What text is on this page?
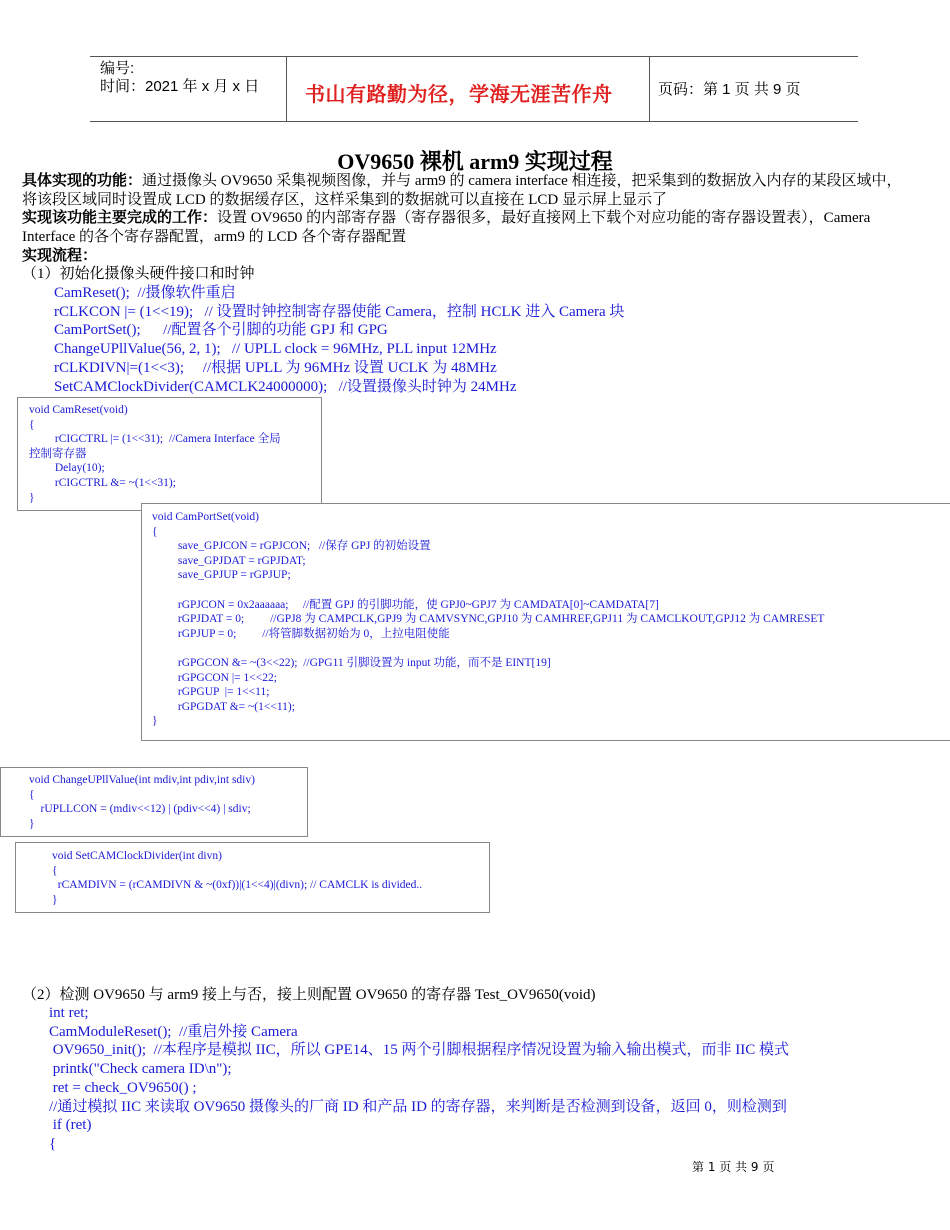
编号:
时间：2021 年 x 月 x 日 书山有路勤为径，学海无涯苦作舟	页码：第 1 页 共 9 页
OV9650 裸机 arm9 实现过程
具体实现的功能：通过摄像头 OV9650 采集视频图像，并与 arm9 的 camera interface 相连接，把采集到的数据放入内存的某段区域中，
将该段区域同时设置成 LCD 的数据缓存区，这样采集到的数据就可以直接在 LCD 显示屏上显示了
实现该功能主要完成的工作：设置 OV9650 的内部寄存器（寄存器很多，最好直接网上下载个对应功能的寄存器设置表），Camera
Interface 的各个寄存器配置，arm9 的 LCD 各个寄存器配置
实现流程：
（1）初始化摄像头硬件接口和时钟
CamReset();  //摄像软件重启
rCLKCON |= (1<<19);   // 设置时钟控制寄存器使能 Camera，控制 HCLK 进入 Camera 块
CamPortSet();      //配置各个引脚的功能 GPJ 和 GPG
ChangeUPllValue(56, 2, 1);   // UPLL clock = 96MHz, PLL input 12MHz
rCLKDIVN|=(1<<3);     //根据 UPLL 为 96MHz 设置 UCLK 为 48MHz
SetCAMClockDivider(CAMCLK24000000);   //设置摄像头时钟为 24MHz
void CamReset(void)
{
rCIGCTRL |= (1<<31);  //Camera Interface 全局
控制寄存器
Delay(10);
rCIGCTRL &= ~(1<<31);
}
void CamPortSet(void)
{
save_GPJCON = rGPJCON;   //保存 GPJ 的初始设置
save_GPJDAT = rGPJDAT;
save_GPJUP = rGPJUP;

rGPJCON = 0x2aaaaaa;     //配置 GPJ 的引脚功能，使 GPJ0~GPJ7 为 CAMDATA[0]~CAMDATA[7]
rGPJDAT = 0;         //GPJ8 为 CAMPCLK,GPJ9 为 CAMVSYNC,GPJ10 为 CAMHREF,GPJ11 为 CAMCLKOUT,GPJ12 为 CAMRESET
rGPJUP = 0;         //将管脚数据初始为 0，上拉电阻使能

rGPGCON &= ~(3<<22);  //GPG11 引脚设置为 input 功能，而不是 EINT[19]
rGPGCON |= 1<<22;
rGPGUP  |= 1<<11;
rGPGDAT &= ~(1<<11);
}
void ChangeUPllValue(int mdiv,int pdiv,int sdiv)
{
rUPLLCON = (mdiv<<12) | (pdiv<<4) | sdiv;
}
void SetCAMClockDivider(int divn)
{
rCAMDIVN = (rCAMDIVN & ~(0xf))|(1<<4)|(divn); // CAMCLK is divided..
}
（2）检测 OV9650 与 arm9 接上与否，接上则配置 OV9650 的寄存器 Test_OV9650(void)
int ret;
CamModuleReset();  //重启外接 Camera
OV9650_init();  //本程序是模拟 IIC，所以 GPE14、15 两个引脚根据程序情况设置为输入输出模式，而非 IIC 模式
printk("Check camera ID\n");
ret = check_OV9650() ;
//通过模拟 IIC 来读取 OV9650 摄像头的厂商 ID 和产品 ID 的寄存器，来判断是否检测到设备，返回 0，则检测到
if (ret)
{
第 1 页 共 9 页
